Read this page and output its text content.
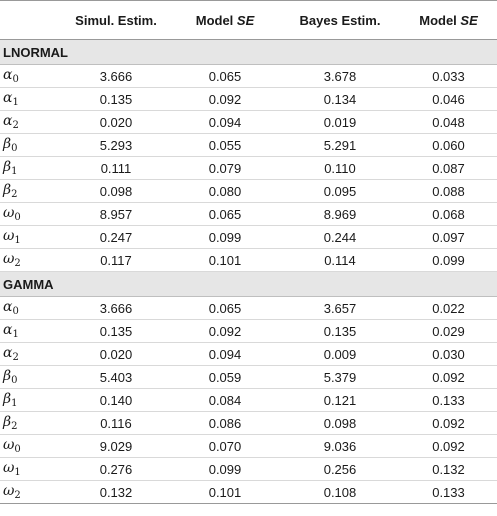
	Simul. Estim.	Model SE	Bayes Estim.	Model SE
LNORMAL				
$\alpha_0$	3.666	0.065	3.678	0.033
$\alpha_1$	0.135	0.092	0.134	0.046
$\alpha_2$	0.020	0.094	0.019	0.048
$\beta_0$	5.293	0.055	5.291	0.060
$\beta_1$	0.111	0.079	0.110	0.087
$\beta_2$	0.098	0.080	0.095	0.088
$\omega_0$	8.957	0.065	8.969	0.068
$\omega_1$	0.247	0.099	0.244	0.097
$\omega_2$	0.117	0.101	0.114	0.099
GAMMA				
$\alpha_0$	3.666	0.065	3.657	0.022
$\alpha_1$	0.135	0.092	0.135	0.029
$\alpha_2$	0.020	0.094	0.009	0.030
$\beta_0$	5.403	0.059	5.379	0.092
$\beta_1$	0.140	0.084	0.121	0.133
$\beta_2$	0.116	0.086	0.098	0.092
$\omega_0$	9.029	0.070	9.036	0.092
$\omega_1$	0.276	0.099	0.256	0.132
$\omega_2$	0.132	0.101	0.108	0.133
